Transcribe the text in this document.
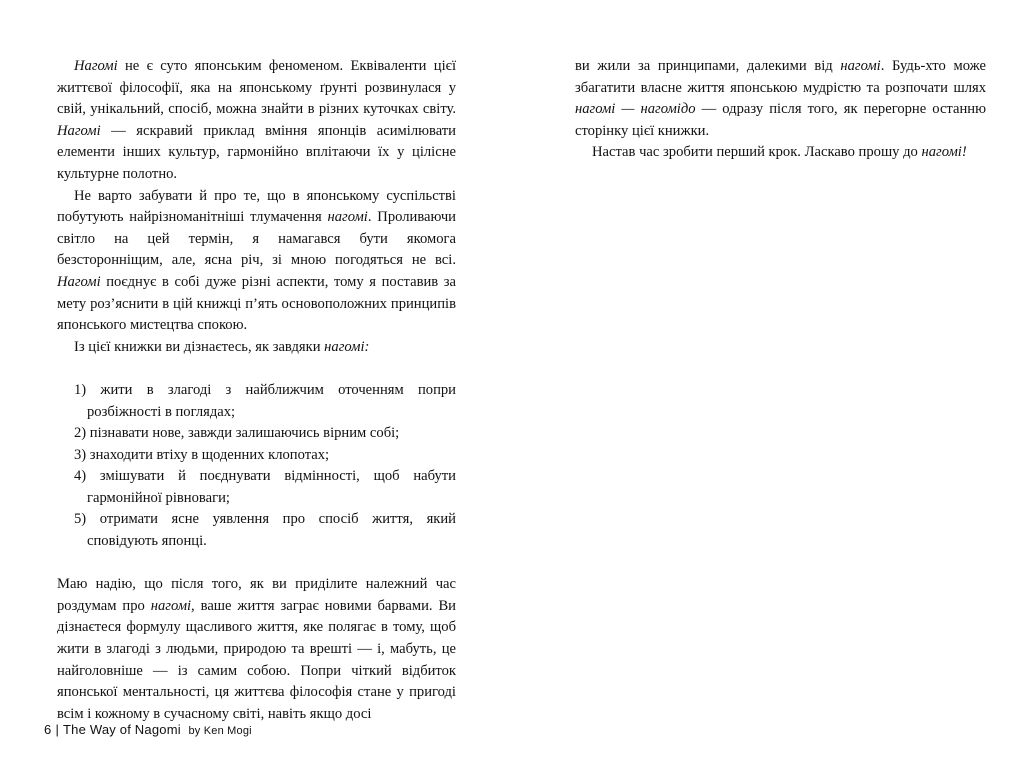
Нагомі не є суто японським феноменом. Еквіваленти цієї життєвої філософії, яка на японському ґрунті розвинулася у свій, унікальний, спосіб, можна знайти в різних куточках світу. Нагомі — яскравий приклад вміння японців асимілювати елементи інших культур, гармонійно вплітаючи їх у цілісне культурне полотно.

Не варто забувати й про те, що в японському суспільстві побутують найрізноманітніші тлумачення нагомі. Проливаючи світло на цей термін, я намагався бути якомога безсторонніщим, але, ясна річ, зі мною погодяться не всі. Нагомі поєднує в собі дуже різні аспекти, тому я поставив за мету роз’яснити в цій книжці п’ять основоположних принципів японського мистецтва спокою.

Із цієї книжки ви дізнаєтесь, як завдяки нагомі:

1) жити в злагоді з найближчим оточенням попри розбіжності в поглядах;
2) пізнавати нове, завжди залишаючись вірним собі;
3) знаходити втіху в щоденних клопотах;
4) змішувати й поєднувати відмінності, щоб набути гармонійної рівноваги;
5) отримати ясне уявлення про спосіб життя, який сповідують японці.

Маю надію, що після того, як ви приділите належний час роздумам про нагомі, ваше життя заграє новими барвами. Ви дізнаєтеся формулу щасливого життя, яке полягає в тому, щоб жити в злагоді з людьми, природою та врешті — і, мабуть, це найголовніше — із самим собою. Попри чіткий відбиток японської ментальності, ця життєва філософія стане у пригоді всім і кожному в сучасному світі, навіть якщо досі

6 | The Way of Nagomi by Ken Mogi

ви жили за принципами, далекими від нагомі. Будь-хто може збагатити власне життя японською мудрістю та розпочати шлях нагомі — нагомідо — одразу після того, як перегорне останню сторінку цієї книжки.

Настав час зробити перший крок. Ласкаво прошу до нагомі!
